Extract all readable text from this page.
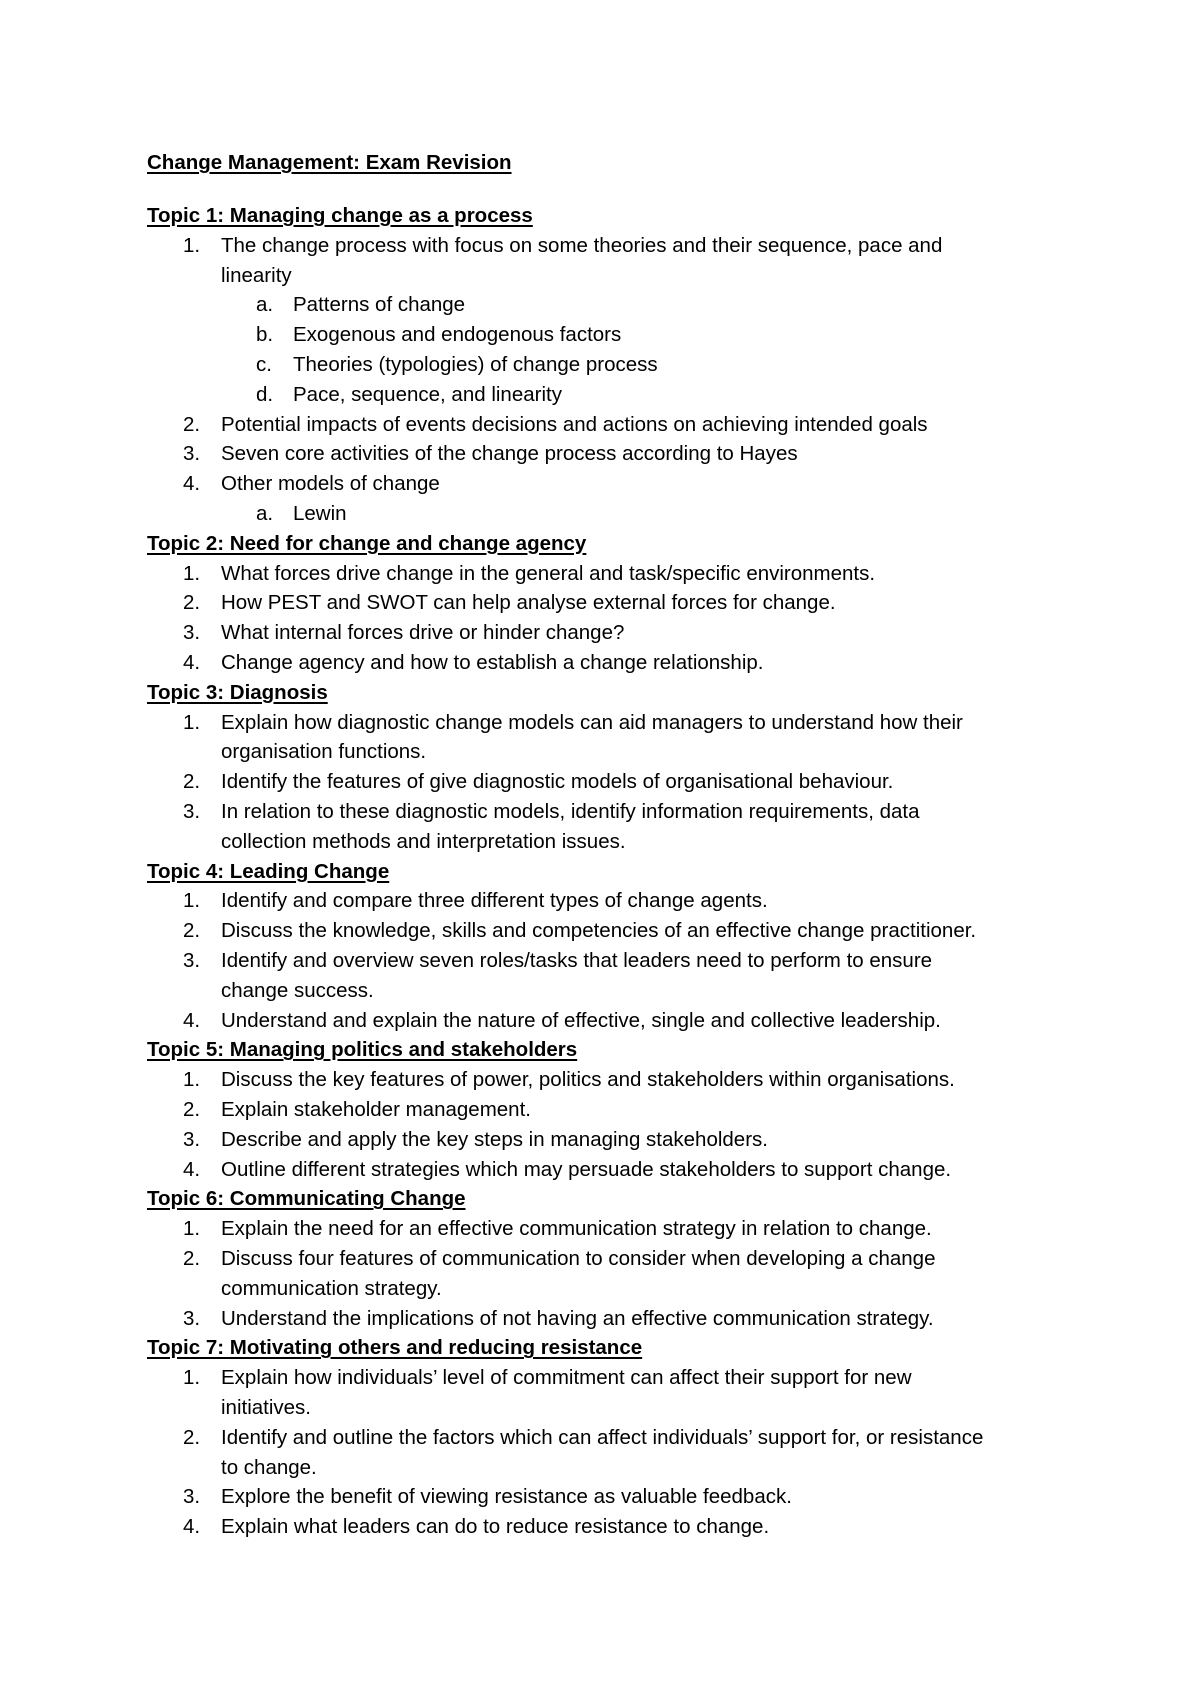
Change Management: Exam Revision
Topic 1: Managing change as a process
1.	The change process with focus on some theories and their sequence, pace and
linearity
a. Patterns of change
b. Exogenous and endogenous factors
c. Theories (typologies) of change process
d. Pace, sequence, and linearity
2.	Potential impacts of events decisions and actions on achieving intended goals
3.	Seven core activities of the change process according to Hayes
4.	Other models of change
a. Lewin
Topic 2: Need for change and change agency
1.	What forces drive change in the general and task/specific environments.
2.	How PEST and SWOT can help analyse external forces for change.
3.	What internal forces drive or hinder change?
4.	Change agency and how to establish a change relationship.
Topic 3: Diagnosis
1.	Explain how diagnostic change models can aid managers to understand how their
organisation functions.
2.	Identify the features of give diagnostic models of organisational behaviour.
3.	In relation to these diagnostic models, identify information requirements, data
collection methods and interpretation issues.
Topic 4: Leading Change
1.	Identify and compare three different types of change agents.
2.	Discuss the knowledge, skills and competencies of an effective change practitioner.
3.	Identify and overview seven roles/tasks that leaders need to perform to ensure
change success.
4.	Understand and explain the nature of effective, single and collective leadership.
Topic 5: Managing politics and stakeholders
1.	Discuss the key features of power, politics and stakeholders within organisations.
2.	Explain stakeholder management.
3.	Describe and apply the key steps in managing stakeholders.
4.	Outline different strategies which may persuade stakeholders to support change.
Topic 6: Communicating Change
1.	Explain the need for an effective communication strategy in relation to change.
2.	Discuss four features of communication to consider when developing a change
communication strategy.
3.	Understand the implications of not having an effective communication strategy.
Topic 7: Motivating others and reducing resistance
1.	Explain how individuals’ level of commitment can affect their support for new
initiatives.
2.	Identify and outline the factors which can affect individuals’ support for, or resistance
to change.
3.	Explore the benefit of viewing resistance as valuable feedback.
4.	Explain what leaders can do to reduce resistance to change.
